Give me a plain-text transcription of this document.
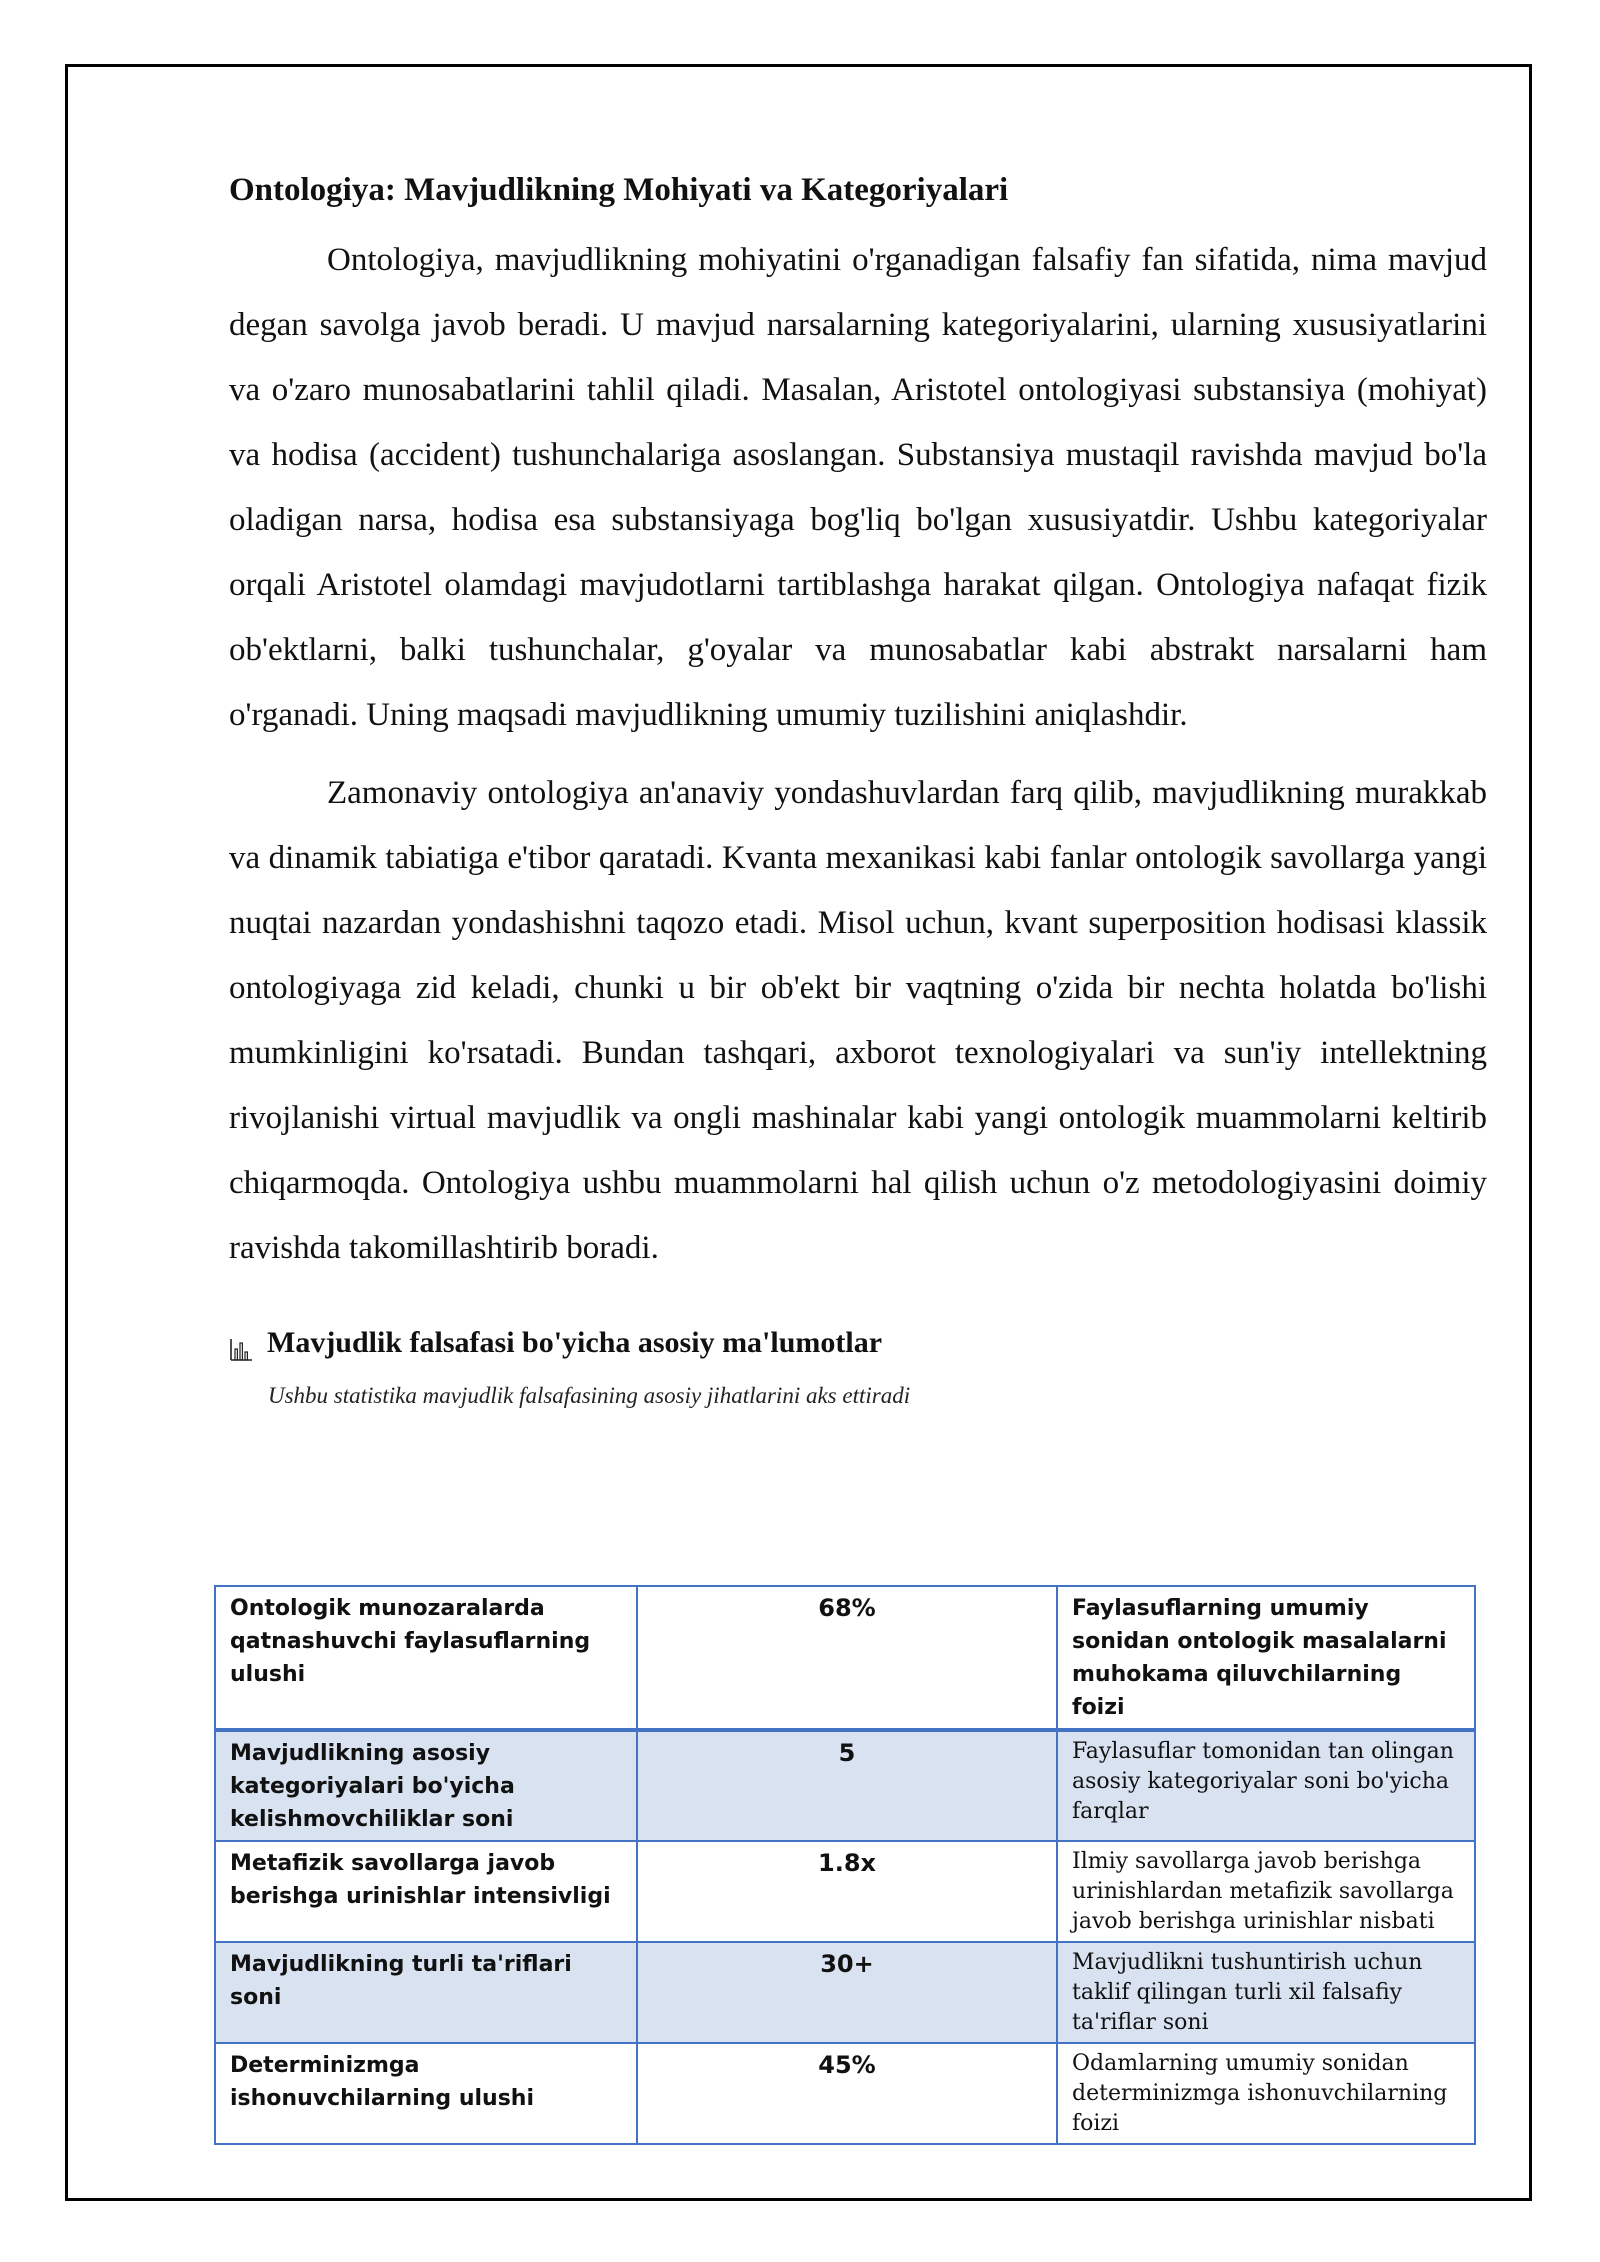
Ontologiya: Mavjudlikning Mohiyati va Kategoriyalari

Ontologiya, mavjudlikning mohiyatini o'rganadigan falsafiy fan sifatida, nima mavjud degan savolga javob beradi. U mavjud narsalarning kategoriyalarini, ularning xususiyatlarini va o'zaro munosabatlarini tahlil qiladi. Masalan, Aristotel ontologiyasi substansiya (mohiyat) va hodisa (accident) tushunchalariga asoslangan. Substansiya mustaqil ravishda mavjud bo'la oladigan narsa, hodisa esa substansiyaga bog'liq bo'lgan xususiyatdir. Ushbu kategoriyalar orqali Aristotel olamdagi mavjudotlarni tartiblashga harakat qilgan. Ontologiya nafaqat fizik ob'ektlarni, balki tushunchalar, g'oyalar va munosabatlar kabi abstrakt narsalarni ham o'rganadi. Uning maqsadi mavjudlikning umumiy tuzilishini aniqlashdir.

Zamonaviy ontologiya an'anaviy yondashuvlardan farq qilib, mavjudlikning murakkab va dinamik tabiatiga e'tibor qaratadi. Kvanta mexanikasi kabi fanlar ontologik savollarga yangi nuqtai nazardan yondashishni taqozo etadi. Misol uchun, kvant superposition hodisasi klassik ontologiyaga zid keladi, chunki u bir ob'ekt bir vaqtning o'zida bir nechta holatda bo'lishi mumkinligini ko'rsatadi. Bundan tashqari, axborot texnologiyalari va sun'iy intellektning rivojlanishi virtual mavjudlik va ongli mashinalar kabi yangi ontologik muammolarni keltirib chiqarmoqda. Ontologiya ushbu muammolarni hal qilish uchun o'z metodologiyasini doimiy ravishda takomillashtirib boradi.

Mavjudlik falsafasi bo'yicha asosiy ma'lumotlar
Ushbu statistika mavjudlik falsafasining asosiy jihatlarini aks ettiradi
Ontologik munozaralarda qatnashuvchi faylasuflarning ulushi	68%	Faylasuflarning umumiy sonidan ontologik masalalarni muhokama qiluvchilarning foizi
Mavjudlikning asosiy kategoriyalari bo'yicha kelishmovchiliklar soni	5	Faylasuflar tomonidan tan olingan asosiy kategoriyalar soni bo'yicha farqlar
Metafizik savollarga javob berishga urinishlar intensivligi	1.8x	Ilmiy savollarga javob berishga urinishlardan metafizik savollarga javob berishga urinishlar nisbati
Mavjudlikning turli ta'riflari soni	30+	Mavjudlikni tushuntirish uchun taklif qilingan turli xil falsafiy ta'riflar soni
Determinizmga ishonuvchilarning ulushi	45%	Odamlarning umumiy sonidan determinizmga ishonuvchilarning foizi
